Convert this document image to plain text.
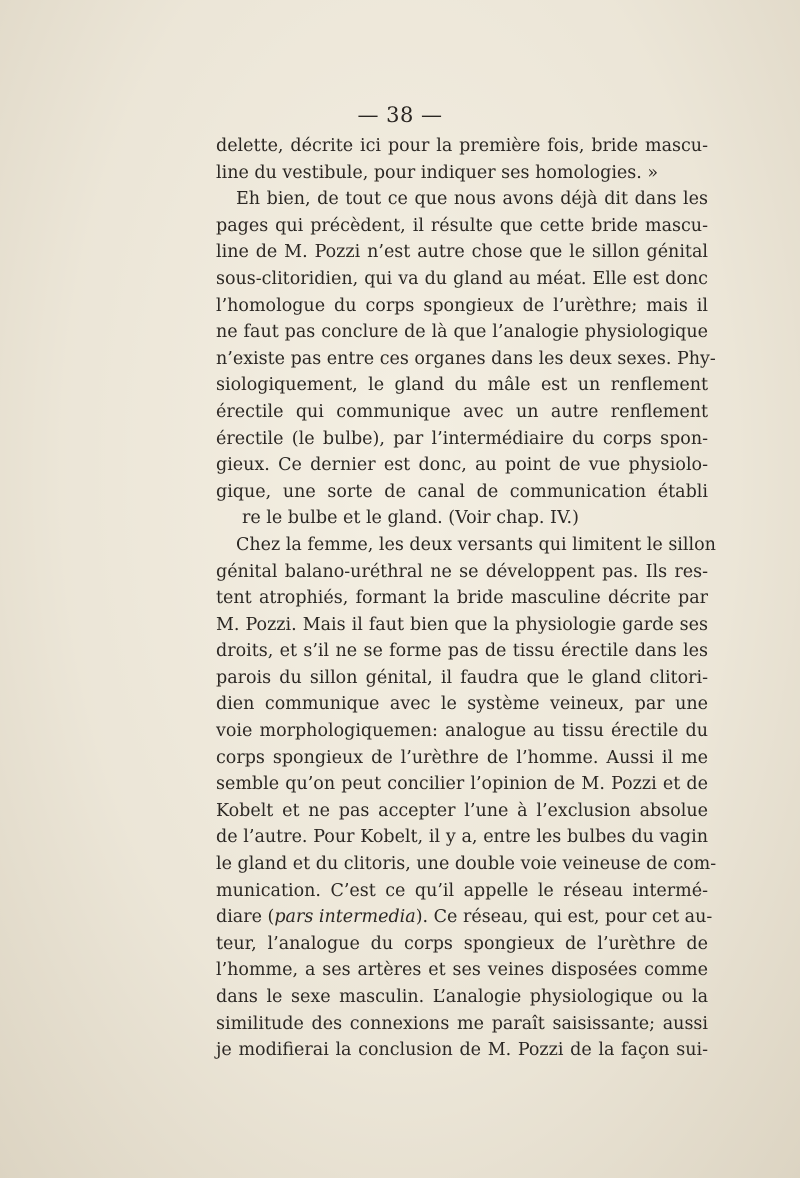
— 38 —
delette, décrite ici pour la première fois, bride mascu-
line du vestibule, pour indiquer ses homologies. »
Eh bien, de tout ce que nous avons déjà dit dans les
pages qui précèdent, il résulte que cette bride mascu-
line de M. Pozzi n’est autre chose que le sillon génital
sous-clitoridien, qui va du gland au méat. Elle est donc
l’homologue du corps spongieux de l’urèthre; mais il
ne faut pas conclure de là que l’analogie physiologique
n’existe pas entre ces organes dans les deux sexes. Phy-
siologiquement, le gland du mâle est un renflement
érectile qui communique avec un autre renflement
érectile (le bulbe), par l’intermédiaire du corps spon-
gieux. Ce dernier est donc, au point de vue physiolo-
gique, une sorte de canal de communication établi
re le bulbe et le gland. (Voir chap. IV.)
Chez la femme, les deux versants qui limitent le sillon
génital balano-uréthral ne se développent pas. Ils res-
tent atrophiés, formant la bride masculine décrite par
M. Pozzi. Mais il faut bien que la physiologie garde ses
droits, et s’il ne se forme pas de tissu érectile dans les
parois du sillon génital, il faudra que le gland clitori-
dien communique avec le système veineux, par une
voie morphologiquemen: analogue au tissu érectile du
corps spongieux de l’urèthre de l’homme. Aussi il me
semble qu’on peut concilier l’opinion de M. Pozzi et de
Kobelt et ne pas accepter l’une à l’exclusion absolue
de l’autre. Pour Kobelt, il y a, entre les bulbes du vagin
le gland et du clitoris, une double voie veineuse de com-
munication. C’est ce qu’il appelle le réseau intermé-
diare (pars intermedia). Ce réseau, qui est, pour cet au-
teur, l’analogue du corps spongieux de l’urèthre de
l’homme, a ses artères et ses veines disposées comme
dans le sexe masculin. L’analogie physiologique ou la
similitude des connexions me paraît saisissante; aussi
je modifierai la conclusion de M. Pozzi de la façon sui-
